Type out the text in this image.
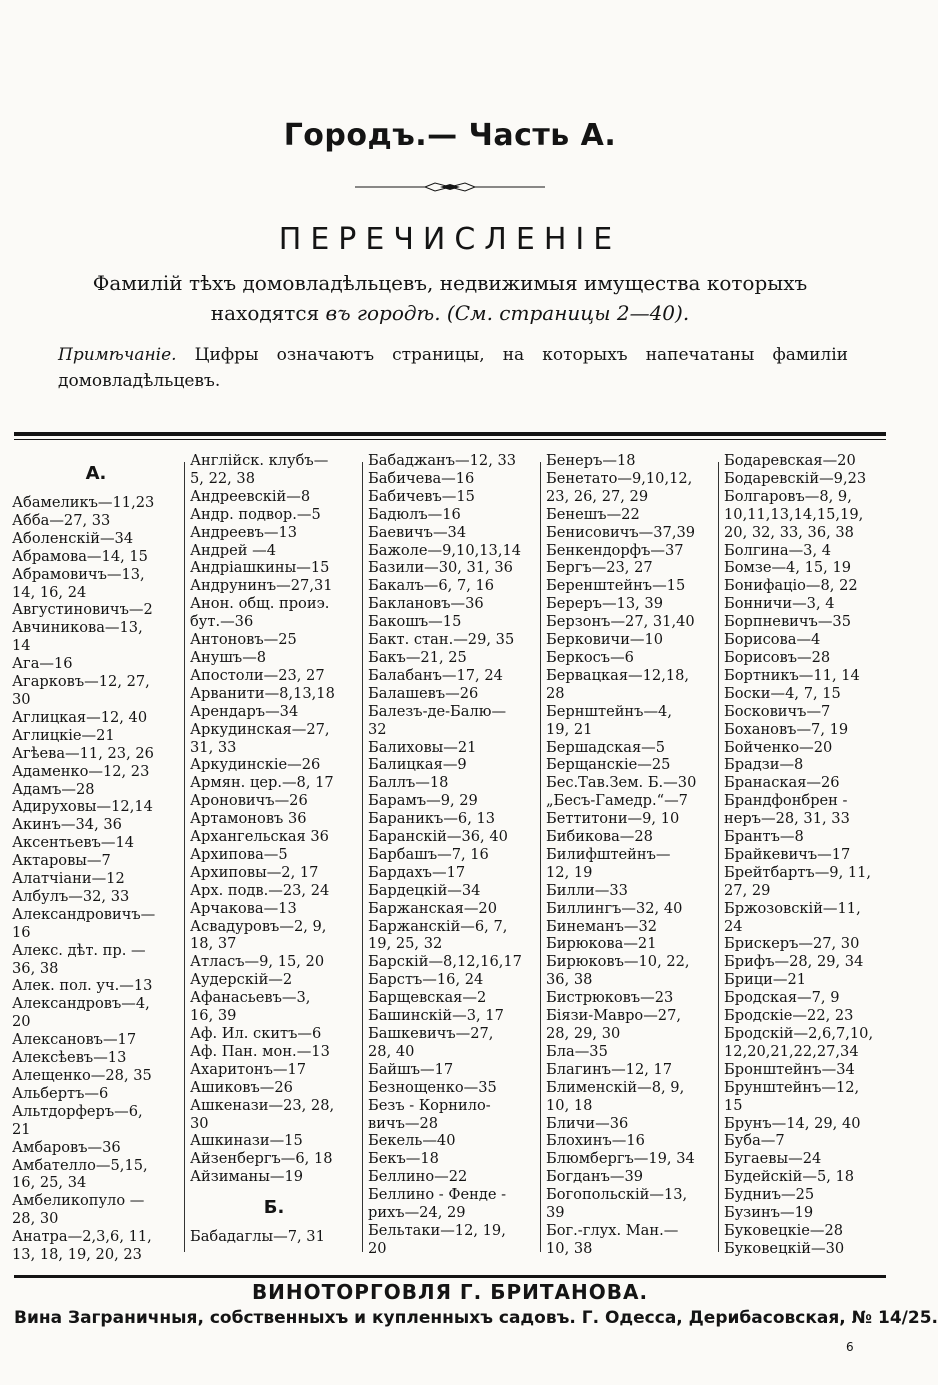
Городъ.— Часть А.
ПЕРЕЧИСЛЕНІЕ
Фамилій тѣхъ домовладѣльцевъ, недвижимыя имущества которыхъ
находятся въ городѣ. (См. страницы 2—40).
Примѣчаніе. Цифры означаютъ страницы, на которыхъ напечатаны фамиліи домовладѣльцевъ.
А.
Абамеликъ—11,23
Абба—27, 33
Аболенскій—34
Абрамова—14, 15
Абрамовичъ—13,
14, 16, 24
Августиновичъ—2
Авчиникова—13,
14
Ага—16
Агарковъ—12, 27,
30
Аглицкая—12, 40
Аглицкіе—21
Агѣева—11, 23, 26
Адаменко—12, 23
Адамъ—28
Адируховы—12,14
Акинъ—34, 36
Аксентьевъ—14
Актаровы—7
Алатчіани—12
Албулъ—32, 33
Александровичъ—
16
Алекс. дѣт. пр. —
36, 38
Алек. пол. уч.—13
Александровъ—4,
20
Алексановъ—17
Алексѣевъ—13
Алещенко—28, 35
Альбертъ—6
Альтдорферъ—6,
21
Амбаровъ—36
Амбателло—5,15,
16, 25, 34
Амбеликопуло —
28, 30
Анатра—2,3,6, 11,
13, 18, 19, 20, 23
Англійск. клубъ—
5, 22, 38
Андреевскій—8
Андр. подвор.—5
Андреевъ—13
Андрей —4
Андріашкины—15
Андрунинъ—27,31
Анон. общ. проиэ.
бут.—36
Антоновъ—25
Анушъ—8
Апостоли—23, 27
Арванити—8,13,18
Арендаръ—34
Аркудинская—27,
31, 33
Аркудинскіе—26
Армян. цер.—8, 17
Ароновичъ—26
Артамоновъ 36
Архангельская 36
Архипова—5
Архиповы—2, 17
Арх. подв.—23, 24
Арчакова—13
Асвадуровъ—2, 9,
18, 37
Атласъ—9, 15, 20
Аудерскій—2
Афанасьевъ—3,
16, 39
Аф. Ил. скитъ—6
Аф. Пан. мон.—13
Ахаритонъ—17
Ашиковъ—26
Ашкенази—23, 28,
30
Ашкинази—15
Айзенбергъ—6, 18
Айзиманы—19
Б.
Бабадаглы—7, 31
Бабаджанъ—12, 33
Бабичева—16
Бабичевъ—15
Бадюлъ—16
Баевичъ—34
Бажоле—9,10,13,14
Базили—30, 31, 36
Бакалъ—6, 7, 16
Баклановъ—36
Бакошъ—15
Бакт. стан.—29, 35
Бакъ—21, 25
Балабанъ—17, 24
Балашевъ—26
Балезъ-де-Балю—
32
Балиховы—21
Балицкая—9
Баллъ—18
Барамъ—9, 29
Бараникъ—6, 13
Баранскій—36, 40
Барбашъ—7, 16
Бардахъ—17
Бардецкій—34
Баржанская—20
Баржанскій—6, 7,
19, 25, 32
Барскій—8,12,16,17
Барстъ—16, 24
Барщевская—2
Башинскій—3, 17
Башкевичъ—27,
28, 40
Байшъ—17
Безнощенко—35
Безъ - Корнило-
вичъ—28
Бекель—40
Бекъ—18
Беллино—22
Беллино - Фенде -
рихъ—24, 29
Бельтаки—12, 19,
20
Бенеръ—18
Бенетато—9,10,12,
23, 26, 27, 29
Бенешъ—22
Бенисовичъ—37,39
Бенкендорфъ—37
Бергъ—23, 27
Беренштейнъ—15
Береръ—13, 39
Берзонъ—27, 31,40
Берковичи—10
Беркосъ—6
Бервацкая—12,18,
28
Бернштейнъ—4,
19, 21
Бершадская—5
Берщанскіе—25
Бес.Тав.Зем. Б.—30
„Бесъ-Гамедр.“—7
Беттитони—9, 10
Бибикова—28
Билифштейнъ—
12, 19
Билли—33
Биллингъ—32, 40
Бинеманъ—32
Бирюкова—21
Бирюковъ—10, 22,
36, 38
Бистрюковъ—23
Біязи-Мавро—27,
28, 29, 30
Бла—35
Благинъ—12, 17
Блименскій—8, 9,
10, 18
Бличи—36
Блохинъ—16
Блюмбергъ—19, 34
Богданъ—39
Богопольскій—13,
39
Бог.-глух. Ман.—
10, 38
Бодаревская—20
Бодаревскій—9,23
Болгаровъ—8, 9,
10,11,13,14,15,19,
20, 32, 33, 36, 38
Болгина—3, 4
Бомзе—4, 15, 19
Бонифаціо—8, 22
Бонничи—3, 4
Борпневичъ—35
Борисова—4
Борисовъ—28
Бортникъ—11, 14
Боски—4, 7, 15
Босковичъ—7
Бохановъ—7, 19
Бойченко—20
Брадзи—8
Бранаская—26
Брандфонбрен -
неръ—28, 31, 33
Брантъ—8
Брайкевичъ—17
Брейтбартъ—9, 11,
27, 29
Бржозовскій—11,
24
Брискеръ—27, 30
Брифъ—28, 29, 34
Брици—21
Бродская—7, 9
Бродскіе—22, 23
Бродскій—2,6,7,10,
12,20,21,22,27,34
Бронштейнъ—34
Брунштейнъ—12,
15
Брунъ—14, 29, 40
Буба—7
Бугаевы—24
Будейскій—5, 18
Будниъ—25
Бузинъ—19
Буковецкіе—28
Буковецкій—30
ВИНОТОРГОВЛЯ Г. БРИТАНОВА.
Вина Заграничныя, собственныхъ и купленныхъ садовъ. Г. Одесса, Дерибасовская, № 14/25.
6
